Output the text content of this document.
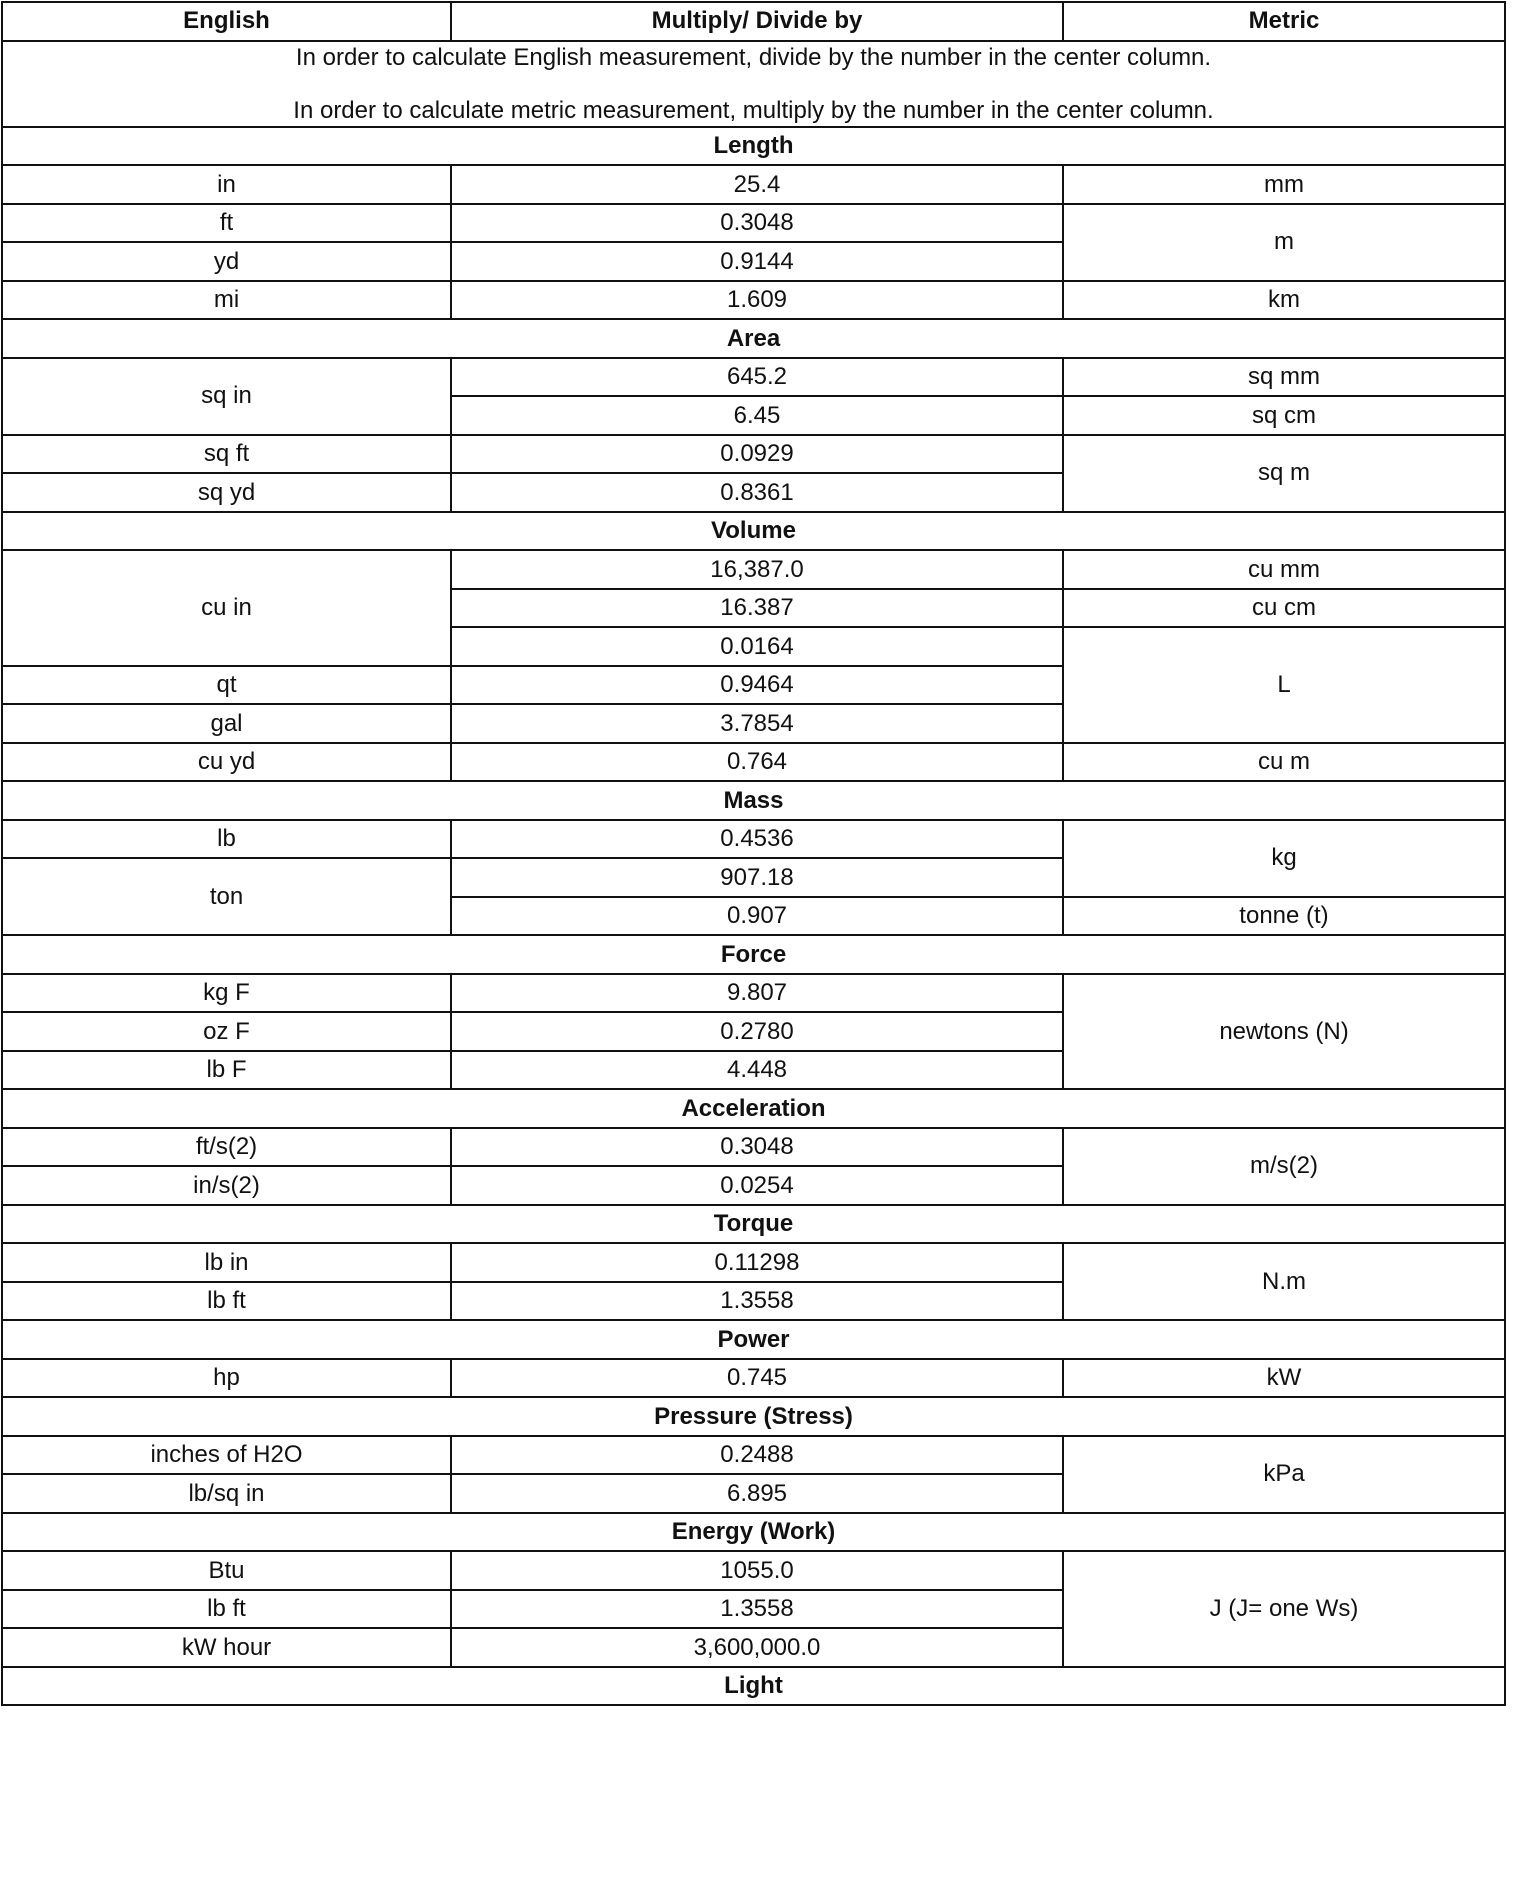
English	Multiply/ Divide by	Metric

In order to calculate English measurement, divide by the number in the center column.

In order to calculate metric measurement, multiply by the number in the center column.		

Length		
in	25.4	mm
ft	0.3048	m
yd	0.9144	
mi	1.609	km
Area		
sq in	645.2	sq mm
	6.45	sq cm
sq ft	0.0929	sq m
sq yd	0.8361	
Volume		
cu in	16,387.0	cu mm
	16.387	cu cm
	0.0164	L
qt	0.9464	
gal	3.7854	
cu yd	0.764	cu m
Mass		
lb	0.4536	kg
ton	907.18	
	0.907	tonne (t)
Force		
kg F	9.807	newtons (N)
oz F	0.2780	
lb F	4.448	
Acceleration		
ft/s(2)	0.3048	m/s(2)
in/s(2)	0.0254	
Torque		
lb in	0.11298	N.m
lb ft	1.3558	
Power		
hp	0.745	kW
Pressure (Stress)		
inches of H2O	0.2488	kPa
lb/sq in	6.895	
Energy (Work)		
Btu	1055.0	J (J= one Ws)
lb ft	1.3558	
kW hour	3,600,000.0	
Light		
